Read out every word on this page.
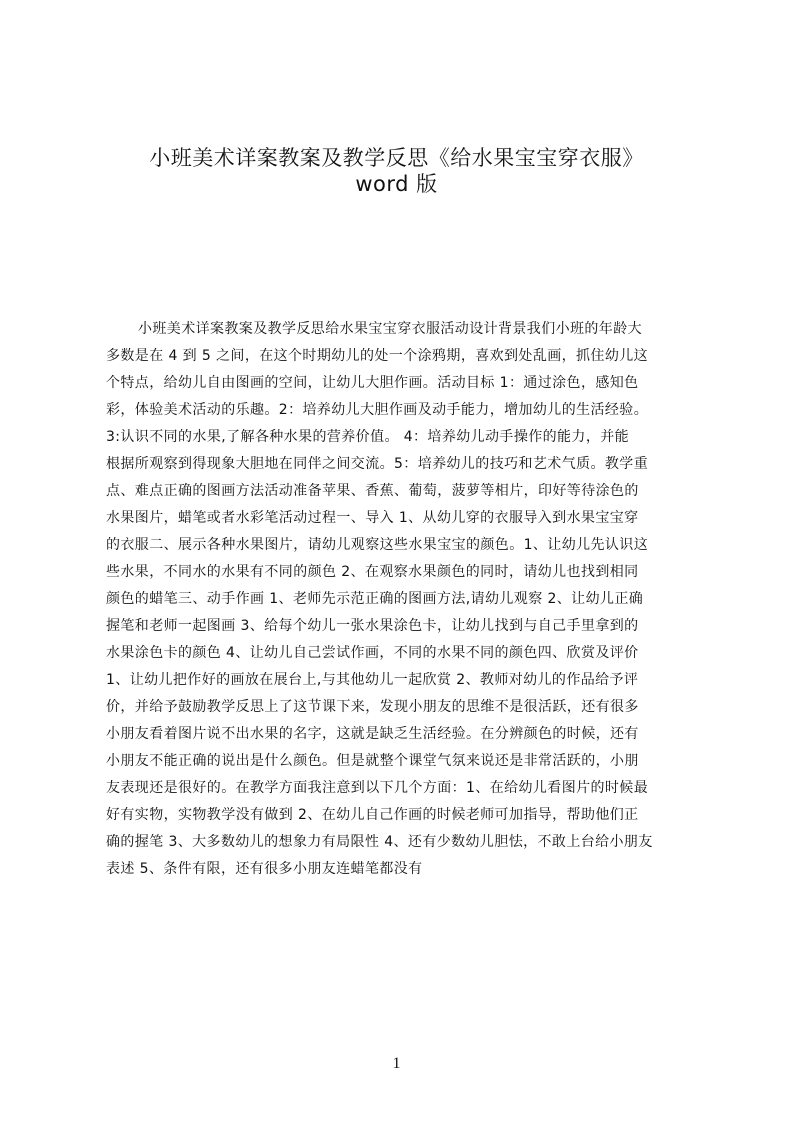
小班美术详案教案及教学反思《给水果宝宝穿衣服》
word 版
小班美术详案教案及教学反思给水果宝宝穿衣服活动设计背景我们小班的年龄大
多数是在 4 到 5 之间，在这个时期幼儿的处一个涂鸦期，喜欢到处乱画，抓住幼儿这
个特点，给幼儿自由图画的空间，让幼儿大胆作画。活动目标 1：通过涂色，感知色
彩，体验美术活动的乐趣。2：培养幼儿大胆作画及动手能力，增加幼儿的生活经验。
3:认识不同的水果,了解各种水果的营养价值。 4：培养幼儿动手操作的能力，并能
根据所观察到得现象大胆地在同伴之间交流。5：培养幼儿的技巧和艺术气质。教学重
点、难点正确的图画方法活动准备苹果、香蕉、葡萄，菠萝等相片，印好等待涂色的
水果图片，蜡笔或者水彩笔活动过程一、导入 1、从幼儿穿的衣服导入到水果宝宝穿
的衣服二、展示各种水果图片，请幼儿观察这些水果宝宝的颜色。1、让幼儿先认识这
些水果，不同水的水果有不同的颜色 2、在观察水果颜色的同时，请幼儿也找到相同
颜色的蜡笔三、动手作画 1、老师先示范正确的图画方法,请幼儿观察 2、让幼儿正确
握笔和老师一起图画 3、给每个幼儿一张水果涂色卡，让幼儿找到与自己手里拿到的
水果涂色卡的颜色 4、让幼儿自己尝试作画，不同的水果不同的颜色四、欣赏及评价
1、让幼儿把作好的画放在展台上,与其他幼儿一起欣赏 2、教师对幼儿的作品给予评
价，并给予鼓励教学反思上了这节课下来，发现小朋友的思维不是很活跃，还有很多
小朋友看着图片说不出水果的名字，这就是缺乏生活经验。在分辨颜色的时候，还有
小朋友不能正确的说出是什么颜色。但是就整个课堂气氛来说还是非常活跃的，小朋
友表现还是很好的。在教学方面我注意到以下几个方面：1、在给幼儿看图片的时候最
好有实物，实物教学没有做到 2、在幼儿自己作画的时候老师可加指导，帮助他们正
确的握笔 3、大多数幼儿的想象力有局限性 4、还有少数幼儿胆怯，不敢上台给小朋友
表述 5、条件有限，还有很多小朋友连蜡笔都没有
1
